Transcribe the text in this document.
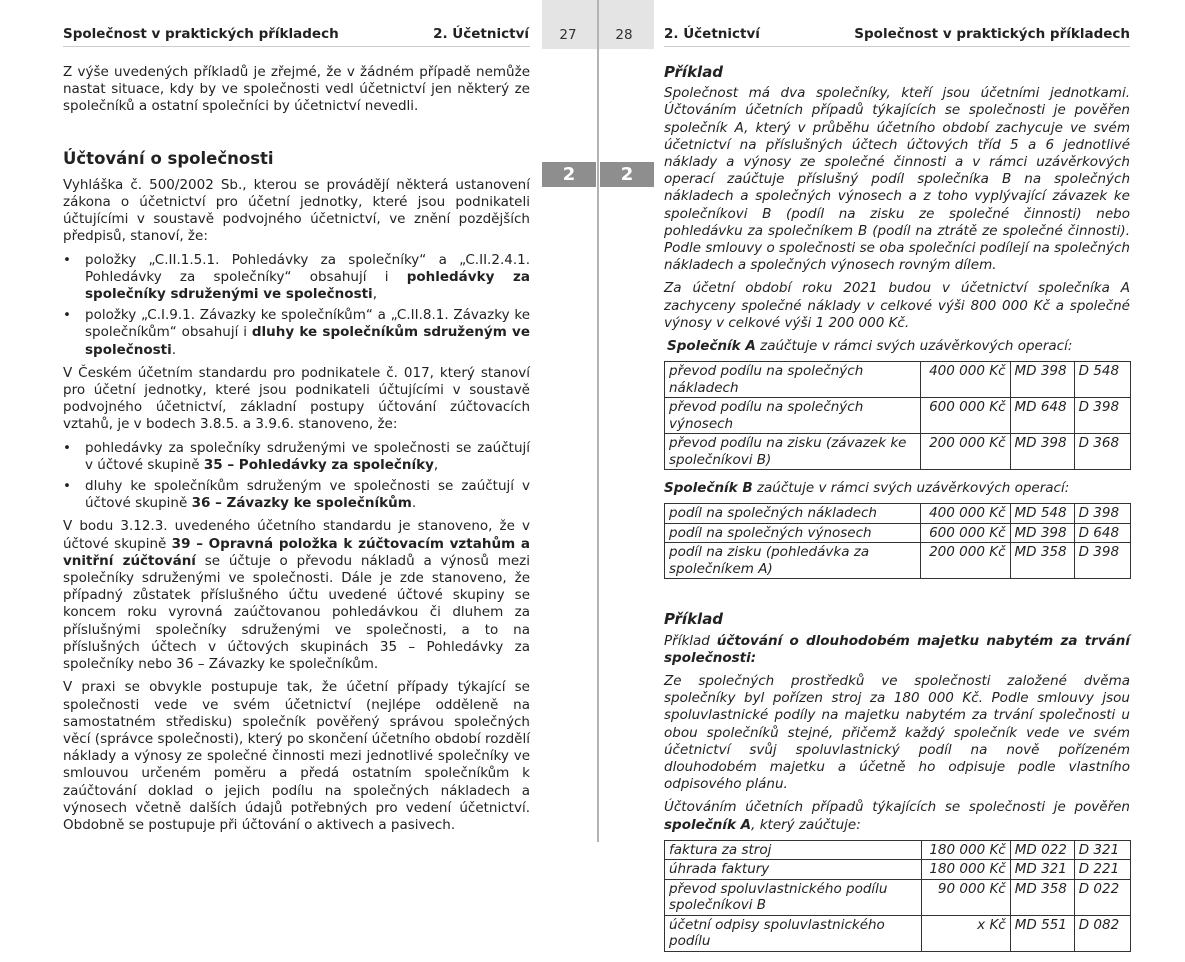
27	28
2	2
Společnost v praktických příkladech	2. Účetnictví

Z výše uvedených příkladů je zřejmé, že v žádném případě nemůže nastat situace, kdy by ve společnosti vedl účetnictví jen některý ze společníků a ostatní společníci by účetnictví nevedli.

Účtování o společnosti

Vyhláška č. 500/2002 Sb., kterou se provádějí některá ustanovení zákona o účetnictví pro účetní jednotky, které jsou podnikateli účtujícími v soustavě podvojného účetnictví, ve znění pozdějších předpisů, stanoví, že:

• položky „C.II.1.5.1. Pohledávky za společníky“ a „C.II.2.4.1. Pohledávky za společníky“ obsahují i pohledávky za společníky sdruženými ve společnosti,
• položky „C.I.9.1. Závazky ke společníkům“ a „C.II.8.1. Závazky ke společníkům“ obsahují i dluhy ke společníkům sdruženým ve společnosti.

V Českém účetním standardu pro podnikatele č. 017, který stanoví pro účetní jednotky, které jsou podnikateli účtujícími v soustavě podvojného účetnictví, základní postupy účtování zúčtovacích vztahů, je v bodech 3.8.5. a 3.9.6. stanoveno, že:

• pohledávky za společníky sdruženými ve společnosti se zaúčtují v účtové skupině 35 – Pohledávky za společníky,
• dluhy ke společníkům sdruženým ve společnosti se zaúčtují v účtové skupině 36 – Závazky ke společníkům.

V bodu 3.12.3. uvedeného účetního standardu je stanoveno, že v účtové skupině 39 – Opravná položka k zúčtovacím vztahům a vnitřní zúčtování se účtuje o převodu nákladů a výnosů mezi společníky sdruženými ve společnosti. Dále je zde stanoveno, že případný zůstatek příslušného účtu uvedené účtové skupiny se koncem roku vyrovná zaúčtovanou pohledávkou či dluhem za příslušnými společníky sdruženými ve společnosti, a to na příslušných účtech v účtových skupinách 35 – Pohledávky za společníky nebo 36 – Závazky ke společníkům.

V praxi se obvykle postupuje tak, že účetní případy týkající se společnosti vede ve svém účetnictví (nejlépe odděleně na samostatném středisku) společník pověřený správou společných věcí (správce společnosti), který po skončení účetního období rozdělí náklady a výnosy ze společné činnosti mezi jednotlivé společníky ve smlouvou určeném poměru a předá ostatním společníkům k zaúčtování doklad o jejich podílu na společných nákladech a výnosech včetně dalších údajů potřebných pro vedení účetnictví. Obdobně se postupuje při účtování o aktivech a pasivech.

2. Účetnictví	Společnost v praktických příkladech
Příklad

Společnost má dva společníky, kteří jsou účetními jednotkami. Účtováním účetních případů týkajících se společnosti je pověřen společník A, který v průběhu účetního období zachycuje ve svém účetnictví na příslušných účtech účtových tříd 5 a 6 jednotlivé náklady a výnosy ze společné činnosti a v rámci uzávěrkových operací zaúčtuje příslušný podíl společníka B na společných nákladech a společných výnosech a z toho vyplývající závazek ke společníkovi B (podíl na zisku ze společné činnosti) nebo pohledávku za společníkem B (podíl na ztrátě ze společné činnosti). Podle smlouvy o společnosti se oba společníci podílejí na společných nákladech a společných výnosech rovným dílem.

Za účetní období roku 2021 budou v účetnictví společníka A zachyceny společné náklady v celkové výši 800 000 Kč a společné výnosy v celkové výši 1 200 000 Kč.

Společník A zaúčtuje v rámci svých uzávěrkových operací:

převod podílu na společných nákladech	400 000 Kč	MD 398	D 548
převod podílu na společných výnosech	600 000 Kč	MD 648	D 398
převod podílu na zisku (závazek ke společníkovi B)	200 000 Kč	MD 398	D 368

Společník B zaúčtuje v rámci svých uzávěrkových operací:

podíl na společných nákladech	400 000 Kč	MD 548	D 398
podíl na společných výnosech	600 000 Kč	MD 398	D 648
podíl na zisku (pohledávka za společníkem A)	200 000 Kč	MD 358	D 398
Příklad

Příklad účtování o dlouhodobém majetku nabytém za trvání společnosti:

Ze společných prostředků ve společnosti založené dvěma společníky byl pořízen stroj za 180 000 Kč. Podle smlouvy jsou spoluvlastnické podíly na majetku nabytém za trvání společnosti u obou společníků stejné, přičemž každý společník vede ve svém účetnictví svůj spoluvlastnický podíl na nově pořízeném dlouhodobém majetku a účetně ho odpisuje podle vlastního odpisového plánu.

Účtováním účetních případů týkajících se společnosti je pověřen společník A, který zaúčtuje:

faktura za stroj	180 000 Kč	MD 022	D 321
úhrada faktury	180 000 Kč	MD 321	D 221
převod spoluvlastnického podílu společníkovi B	90 000 Kč	MD 358	D 022
účetní odpisy spoluvlastnického podílu	x Kč	MD 551	D 082
